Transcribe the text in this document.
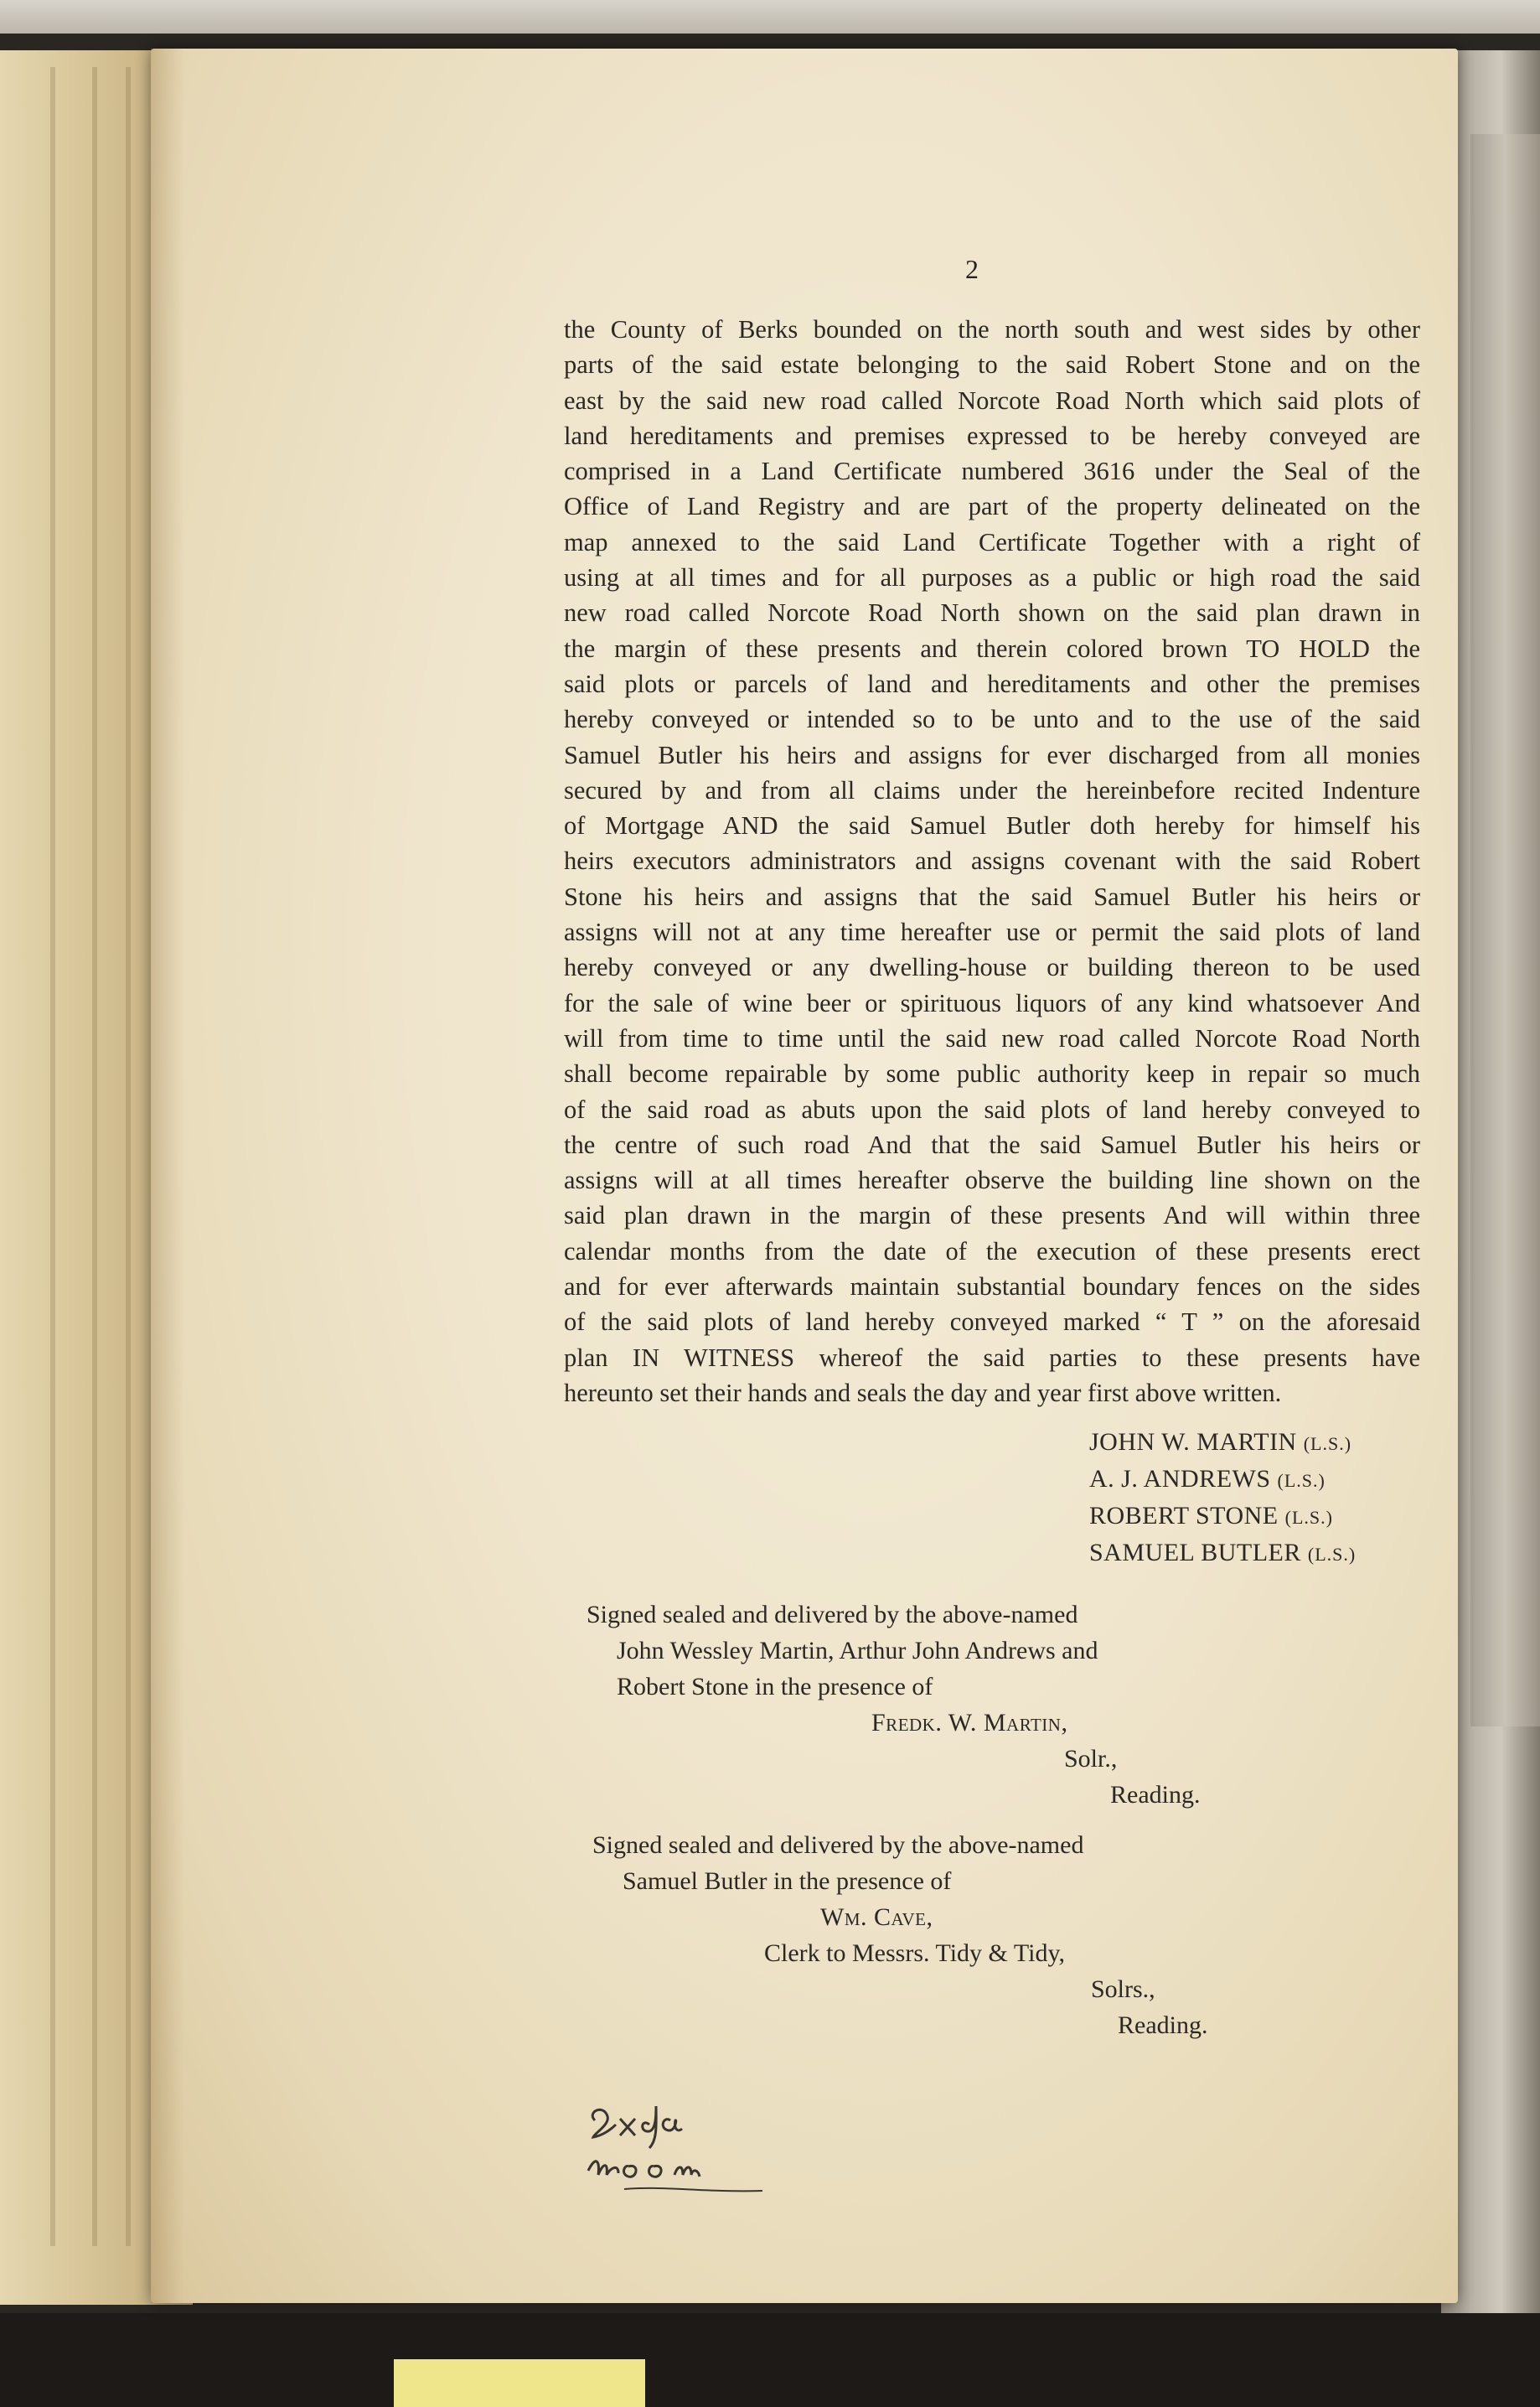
2
the County of Berks bounded on the north south and west sides by other
parts of the said estate belonging to the said Robert Stone and on the
east by the said new road called Norcote Road North which said plots of
land hereditaments and premises expressed to be hereby conveyed are
comprised in a Land Certificate numbered 3616 under the Seal of the
Office of Land Registry and are part of the property delineated on the
map annexed to the said Land Certificate Together with a right of
using at all times and for all purposes as a public or high road the said
new road called Norcote Road North shown on the said plan drawn in
the margin of these presents and therein colored brown TO HOLD the
said plots or parcels of land and hereditaments and other the premises
hereby conveyed or intended so to be unto and to the use of the said
Samuel Butler his heirs and assigns for ever discharged from all monies
secured by and from all claims under the hereinbefore recited Indenture
of Mortgage AND the said Samuel Butler doth hereby for himself his
heirs executors administrators and assigns covenant with the said Robert
Stone his heirs and assigns that the said Samuel Butler his heirs or
assigns will not at any time hereafter use or permit the said plots of land
hereby conveyed or any dwelling-house or building thereon to be used
for the sale of wine beer or spirituous liquors of any kind whatsoever And
will from time to time until the said new road called Norcote Road North
shall become repairable by some public authority keep in repair so much
of the said road as abuts upon the said plots of land hereby conveyed to
the centre of such road And that the said Samuel Butler his heirs or
assigns will at all times hereafter observe the building line shown on the
said plan drawn in the margin of these presents And will within three
calendar months from the date of the execution of these presents erect
and for ever afterwards maintain substantial boundary fences on the sides
of the said plots of land hereby conveyed marked “ T ” on the aforesaid
plan IN WITNESS whereof the said parties to these presents have
hereunto set their hands and seals the day and year first above written.
JOHN W. MARTIN (L.S.)
A. J. ANDREWS (L.S.)
ROBERT STONE (L.S.)
SAMUEL BUTLER (L.S.)
Signed sealed and delivered by the above-named
John Wessley Martin, Arthur John Andrews and
Robert Stone in the presence of
Fredk. W. Martin,
Solr.,
Reading.
Signed sealed and delivered by the above-named
Samuel Butler in the presence of
Wm. Cave,
Clerk to Messrs. Tidy & Tidy,
Solrs.,
Reading.
